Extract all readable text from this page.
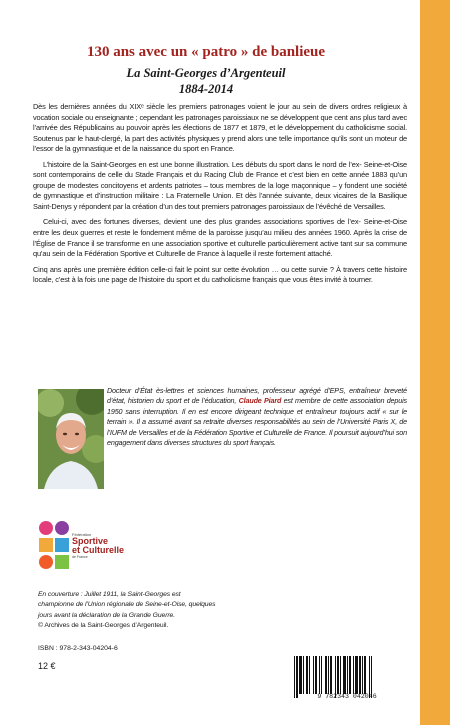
130 ans avec un « patro » de banlieue
La Saint-Georges d’Argenteuil
1884-2014

Dès les dernières années du XIXᵉ siècle les premiers patronages voient le jour au sein de divers ordres religieux à vocation sociale ou enseignante ; cependant les patronages paroissiaux ne se développent que cent ans plus tard avec l’arrivée des Républicains au pouvoir après les élections de 1877 et 1879, et le développement du catholicisme social. Soutenus par le haut-clergé, la part des activités physiques y prend alors une telle importance qu’ils sont un moteur de l’essor de la gymnastique et de la naissance du sport en France.

L’histoire de la Saint-Georges en est une bonne illustration. Les débuts du sport dans le nord de l’ex- Seine-et-Oise sont contemporains de celle du Stade Français et du Racing Club de France et c’est bien en cette année 1883 qu’un groupe de modestes concitoyens et ardents patriotes – tous membres de la loge maçonnique – y fondent une société de gymnastique et d’instruction militaire : La Fraternelle Union. Et dès l’année suivante, deux vicaires de la Basilique Saint-Denys y répondent par la création d’un des tout premiers patronages paroissiaux de l’évêché de Versailles.

Celui-ci, avec des fortunes diverses, devient une des plus grandes associations sportives de l’ex- Seine-et-Oise entre les deux guerres et reste le fondement même de la paroisse jusqu’au milieu des années 1960. Après la crise de l’Église de France il se transforme en une association sportive et culturelle particulièrement active tant sur sa commune qu’au sein de la Fédération Sportive et Culturelle de France à laquelle il reste fortement attaché.

Cinq ans après une première édition celle-ci fait le point sur cette évolution … ou cette survie ? À travers cette histoire locale, c’est à la fois une page de l’histoire du sport et du catholicisme français que vous êtes invité à tourner.

Docteur d’État ès-lettres et sciences humaines, professeur agrégé d’EPS, entraîneur breveté d’état, historien du sport et de l’éducation, Claude Piard est membre de cette association depuis 1950 sans interruption. Il en est encore dirigeant technique et entraîneur toujours actif « sur le terrain ». Il a assumé avant sa retraite diverses responsabilités au sein de l’Université Paris X, de l’IUFM de Versailles et de la Fédération Sportive et Culturelle de France. Il poursuit aujourd’hui son engagement dans diverses structures du sport français.
Fédération
Sportive
et Culturelle
de France
En couverture : Juillet 1911, la Saint-Georges est championne de l’Union régionale de Seine-et-Oise, quelques jours avant la déclaration de la Grande Guerre.
© Archives de la Saint-Georges d’Argenteuil.
ISBN : 978-2-343-04204-6
12 €
9 782343 042046
